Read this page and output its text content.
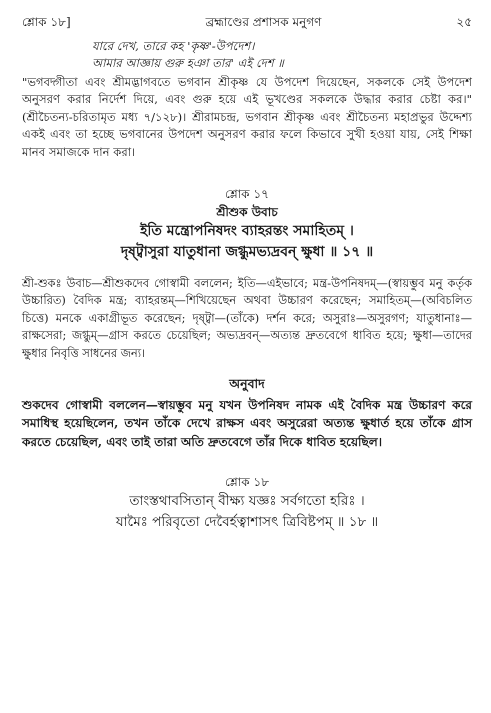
শ্লোক ১৮]	ব্রহ্মাণ্ডের প্রশাসক মনুগণ	২৫
যারে দেখ, তারে কহ 'কৃষ্ণ'-উপদেশ।
আমার আজ্ঞায় গুরু হঞা তার' এই দেশ ॥

"ভগবদ্গীতা এবং শ্রীমদ্ভাগবতে ভগবান শ্রীকৃষ্ণ যে উপদেশ দিয়েছেন, সকলকে সেই উপদেশ অনুসরণ করার নির্দেশ দিয়ে, এবং গুরু হয়ে এই ভূখণ্ডের সকলকে উদ্ধার করার চেষ্টা কর।" (শ্রীচৈতন্য-চরিতামৃত মধ্য ৭/১২৮)। শ্রীরামচন্দ্র, ভগবান শ্রীকৃষ্ণ এবং শ্রীচৈতন্য মহাপ্রভুর উদ্দেশ্য একই এবং তা হচ্ছে ভগবানের উপদেশ অনুসরণ করার ফলে কিভাবে সুখী হওয়া যায়, সেই শিক্ষা মানব সমাজকে দান করা।

শ্লোক ১৭
শ্রীশুক উবাচ
ইতি মন্ত্রোপনিষদং ব্যাহরন্তং সমাহিতম্ ।
দৃষ্ট্বাসুরা যাতুধানা জগ্ধুমভ্যদ্রবন্ ক্ষুধা ॥ ১৭ ॥

শ্রী-শুকঃ উবাচ—শ্রীশুকদেব গোস্বামী বললেন; ইতি—এইভাবে; মন্ত্র-উপনিষদম্—(স্বায়ম্ভুব মনু কর্তৃক উচ্চারিত) বৈদিক মন্ত্র; ব্যাহরন্তম্—শিখিয়েছেন অথবা উচ্চারণ করেছেন; সমাহিতম্—(অবিচলিত চিত্তে) মনকে একাগ্রীভূত করেছেন; দৃষ্ট্বা—(তাঁকে) দর্শন করে; অসুরাঃ—অসুরগণ; যাতুধানাঃ—রাক্ষসেরা; জগ্ধুম্—গ্রাস করতে চেয়েছিল; অভ্যদ্রবন্—অত্যন্ত দ্রুতবেগে ধাবিত হয়ে; ক্ষুধা—তাদের ক্ষুধার নিবৃত্তি সাধনের জন্য।

অনুবাদ

শুকদেব গোস্বামী বললেন—স্বায়ম্ভুব মনু যখন উপনিষদ নামক এই বৈদিক মন্ত্র উচ্চারণ করে সমাধিস্থ হয়েছিলেন, তখন তাঁকে দেখে রাক্ষস এবং অসুরেরা অত্যন্ত ক্ষুধার্ত হয়ে তাঁকে গ্রাস করতে চেয়েছিল, এবং তাই তারা অতি দ্রুতবেগে তাঁর দিকে ধাবিত হয়েছিল।

শ্লোক ১৮
তাংস্তথাবসিতান্ বীক্ষ্য যজ্ঞঃ সর্বগতো হরিঃ ।
যামৈঃ পরিবৃতো দেবৈর্হত্বাশাসৎ ত্রিবিষ্টপম্ ॥ ১৮ ॥
